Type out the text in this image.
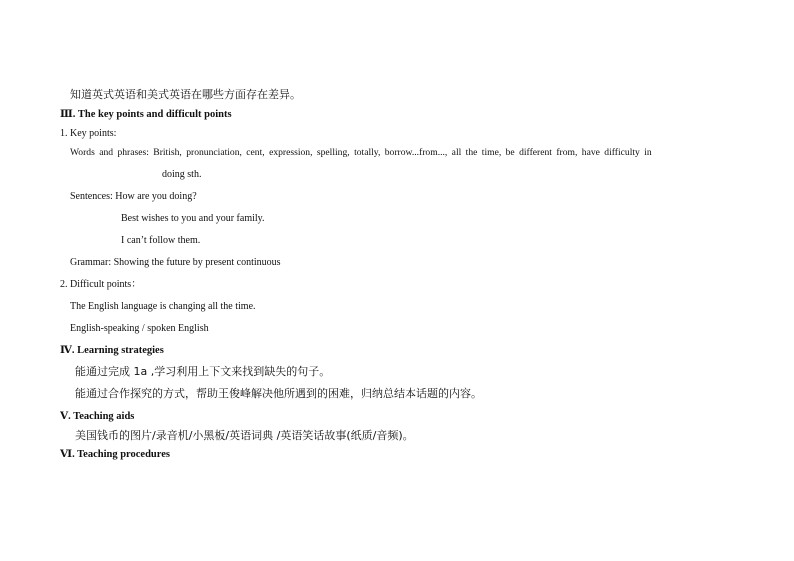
知道英式英语和美式英语在哪些方面存在差异。
Ⅲ. The key points and difficult points
1. Key points:
Words and phrases: British, pronunciation, cent, expression, spelling, totally, borrow...from..., all the time, be different from, have difficulty in
doing sth.
Sentences: How are you doing?
Best wishes to you and your family.
I can’t follow them.
Grammar: Showing the future by present continuous
2. Difficult points：
The English language is changing all the time.
English-speaking / spoken English
Ⅳ. Learning strategies
能通过完成 1a ,学习利用上下文来找到缺失的句子。
能通过合作探究的方式，帮助王俊峰解决他所遇到的困难，归纳总结本话题的内容。
Ⅴ. Teaching aids
美国钱币的图片/录音机/小黑板/英语词典 /英语笑话故事(纸质/音频)。
Ⅵ. Teaching procedures
